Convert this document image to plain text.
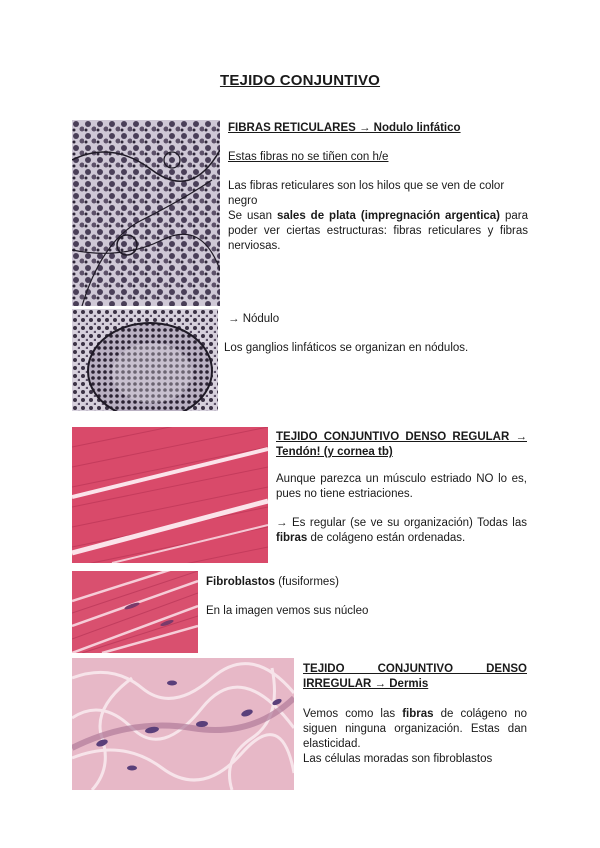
TEJIDO CONJUNTIVO
FIBRAS RETICULARES → Nodulo linfático
Estas fibras no se tiñen con h/e
Las fibras reticulares son los hilos que se ven de color negro
Se usan sales de plata (impregnación argentica) para poder ver ciertas estructuras: fibras reticulares y fibras nerviosas.
→ Nódulo
Los ganglios linfáticos se organizan en nódulos.
TEJIDO CONJUNTIVO DENSO REGULAR → Tendón! (y cornea tb)
Aunque parezca un músculo estriado NO lo es, pues no tiene estriaciones.
→ Es regular (se ve su organización) Todas las fibras de colágeno están ordenadas.
Fibroblastos (fusiformes)
En la imagen vemos sus núcleo
TEJIDO CONJUNTIVO DENSO IRREGULAR → Dermis
Vemos como las fibras de colágeno no siguen ninguna organización. Estas dan elasticidad.
Las células moradas son fibroblastos
